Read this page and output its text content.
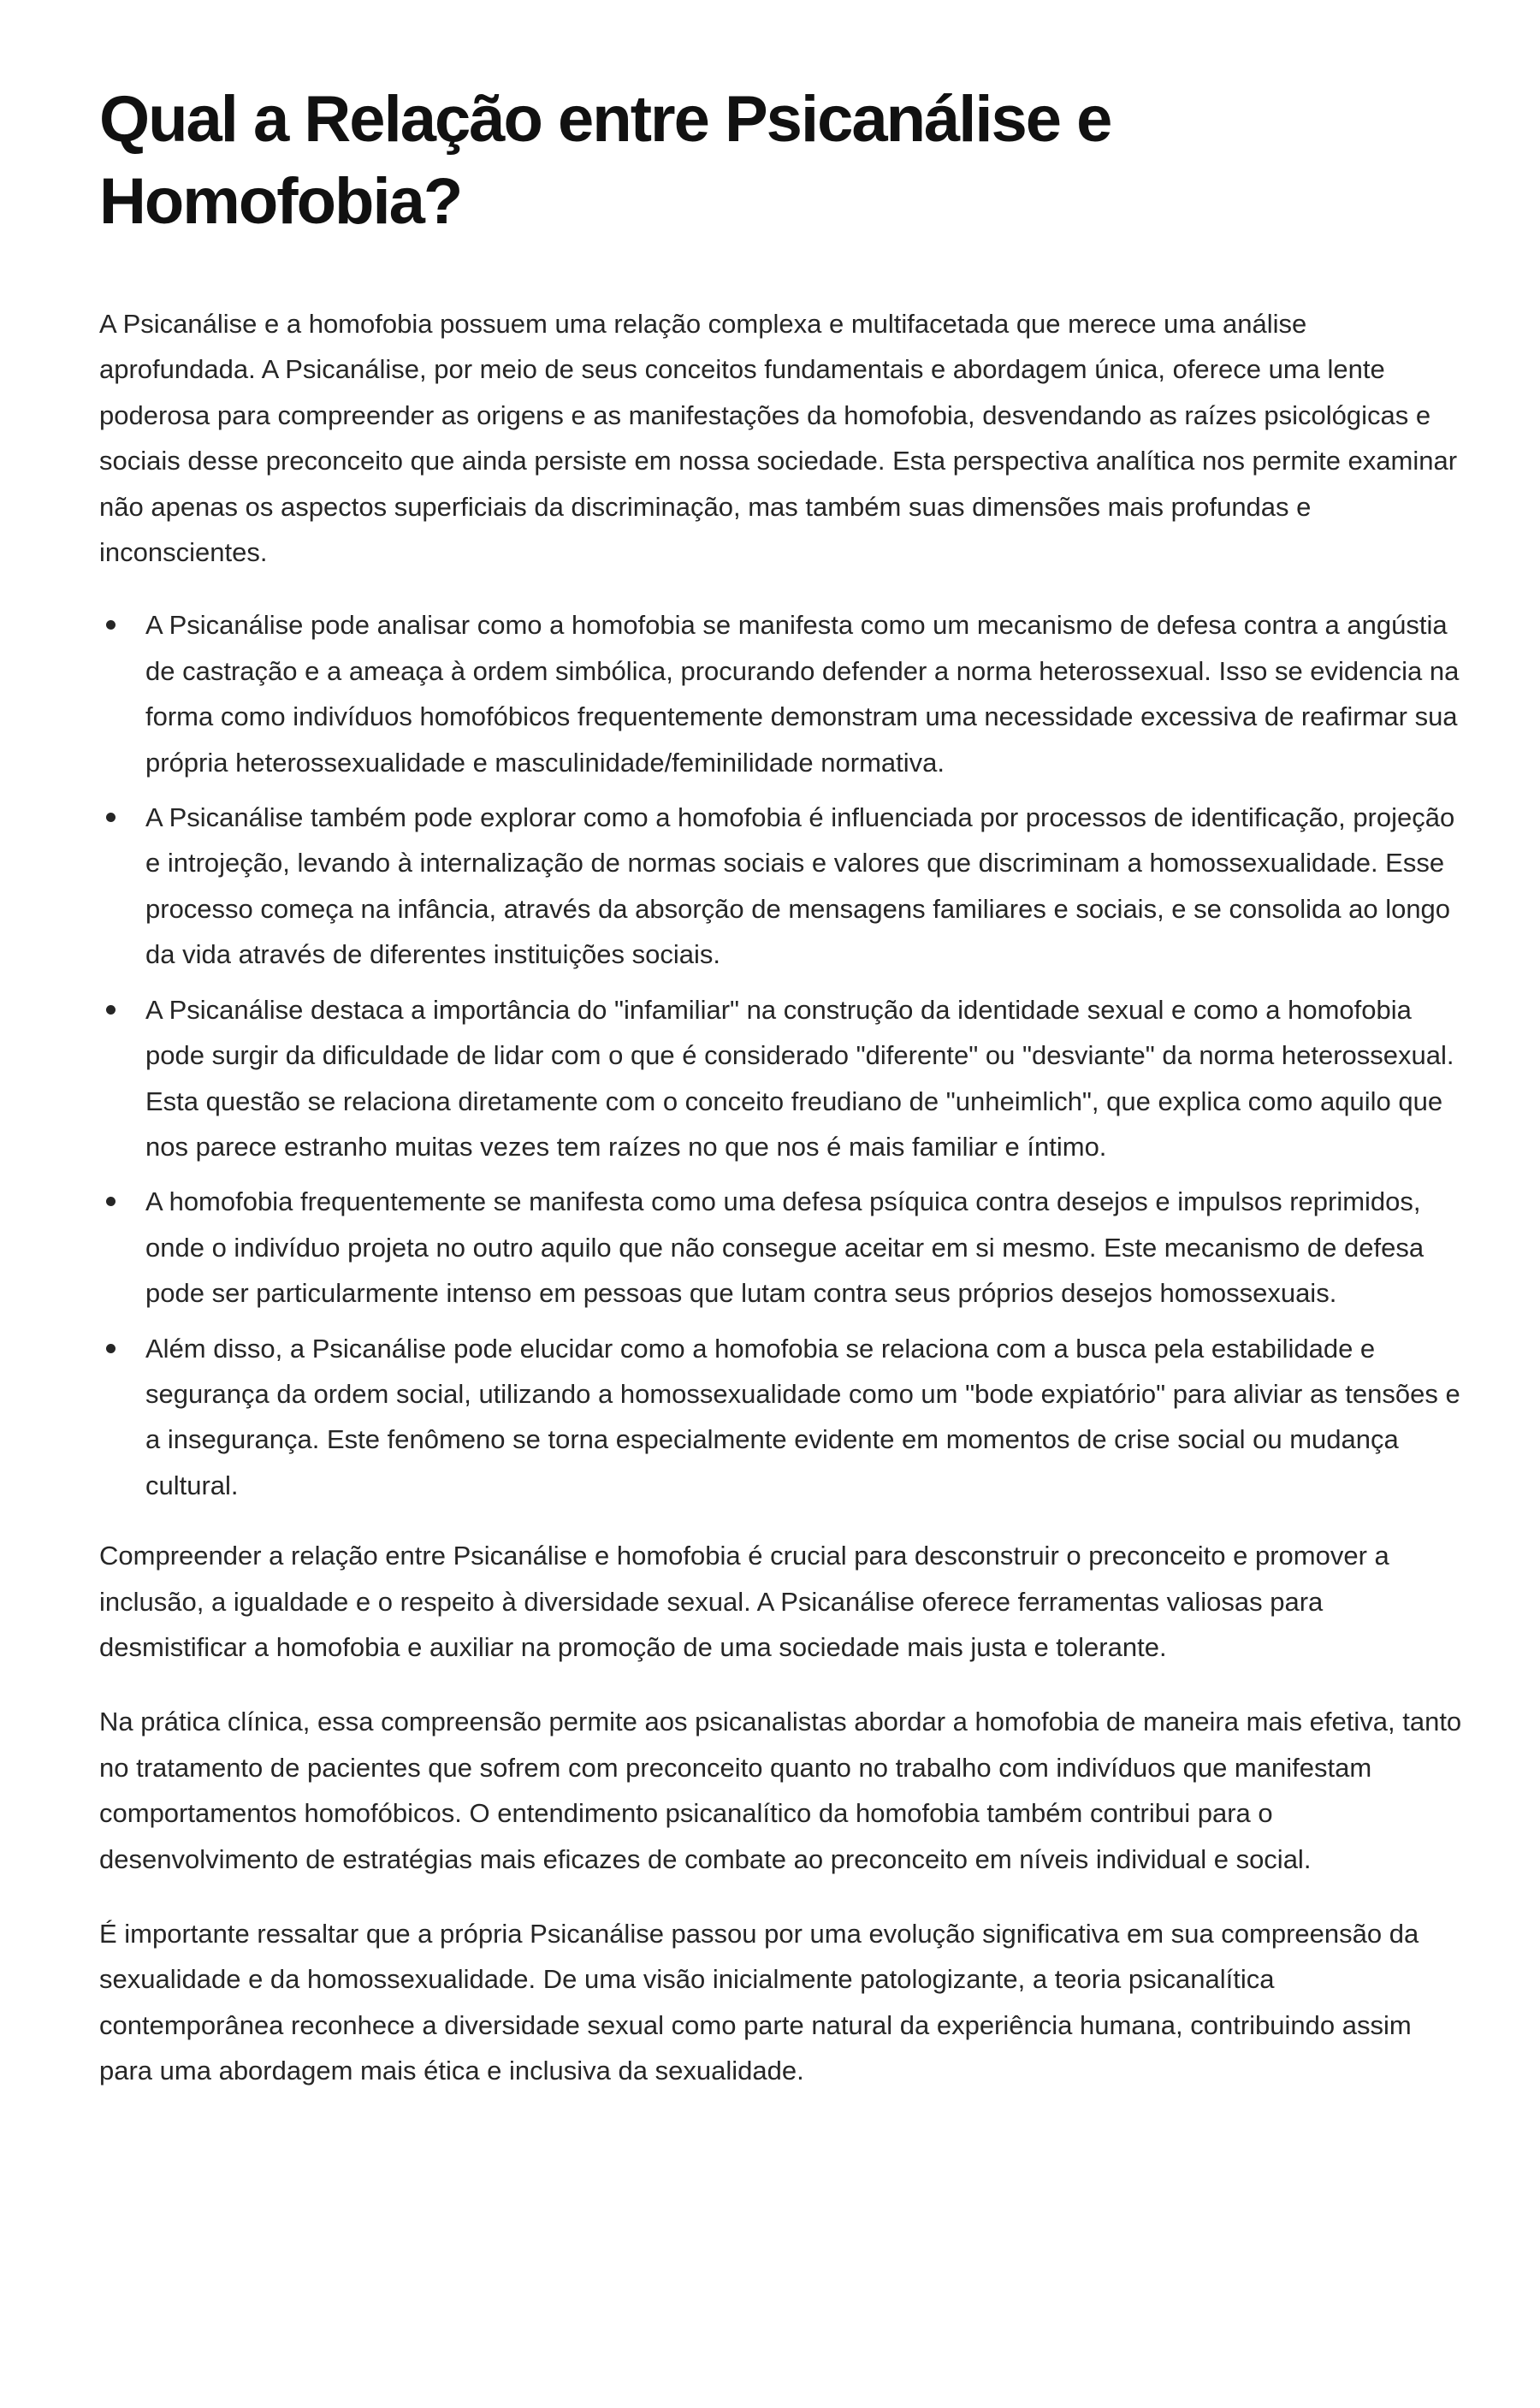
Qual a Relação entre Psicanálise e Homofobia?

A Psicanálise e a homofobia possuem uma relação complexa e multifacetada que merece uma análise aprofundada. A Psicanálise, por meio de seus conceitos fundamentais e abordagem única, oferece uma lente poderosa para compreender as origens e as manifestações da homofobia, desvendando as raízes psicológicas e sociais desse preconceito que ainda persiste em nossa sociedade. Esta perspectiva analítica nos permite examinar não apenas os aspectos superficiais da discriminação, mas também suas dimensões mais profundas e inconscientes.

A Psicanálise pode analisar como a homofobia se manifesta como um mecanismo de defesa contra a angústia de castração e a ameaça à ordem simbólica, procurando defender a norma heterossexual. Isso se evidencia na forma como indivíduos homofóbicos frequentemente demonstram uma necessidade excessiva de reafirmar sua própria heterossexualidade e masculinidade/feminilidade normativa.
A Psicanálise também pode explorar como a homofobia é influenciada por processos de identificação, projeção e introjeção, levando à internalização de normas sociais e valores que discriminam a homossexualidade. Esse processo começa na infância, através da absorção de mensagens familiares e sociais, e se consolida ao longo da vida através de diferentes instituições sociais.
A Psicanálise destaca a importância do "infamiliar" na construção da identidade sexual e como a homofobia pode surgir da dificuldade de lidar com o que é considerado "diferente" ou "desviante" da norma heterossexual. Esta questão se relaciona diretamente com o conceito freudiano de "unheimlich", que explica como aquilo que nos parece estranho muitas vezes tem raízes no que nos é mais familiar e íntimo.
A homofobia frequentemente se manifesta como uma defesa psíquica contra desejos e impulsos reprimidos, onde o indivíduo projeta no outro aquilo que não consegue aceitar em si mesmo. Este mecanismo de defesa pode ser particularmente intenso em pessoas que lutam contra seus próprios desejos homossexuais.
Além disso, a Psicanálise pode elucidar como a homofobia se relaciona com a busca pela estabilidade e segurança da ordem social, utilizando a homossexualidade como um "bode expiatório" para aliviar as tensões e a insegurança. Este fenômeno se torna especialmente evidente em momentos de crise social ou mudança cultural.

Compreender a relação entre Psicanálise e homofobia é crucial para desconstruir o preconceito e promover a inclusão, a igualdade e o respeito à diversidade sexual. A Psicanálise oferece ferramentas valiosas para desmistificar a homofobia e auxiliar na promoção de uma sociedade mais justa e tolerante.

Na prática clínica, essa compreensão permite aos psicanalistas abordar a homofobia de maneira mais efetiva, tanto no tratamento de pacientes que sofrem com preconceito quanto no trabalho com indivíduos que manifestam comportamentos homofóbicos. O entendimento psicanalítico da homofobia também contribui para o desenvolvimento de estratégias mais eficazes de combate ao preconceito em níveis individual e social.

É importante ressaltar que a própria Psicanálise passou por uma evolução significativa em sua compreensão da sexualidade e da homossexualidade. De uma visão inicialmente patologizante, a teoria psicanalítica contemporânea reconhece a diversidade sexual como parte natural da experiência humana, contribuindo assim para uma abordagem mais ética e inclusiva da sexualidade.
